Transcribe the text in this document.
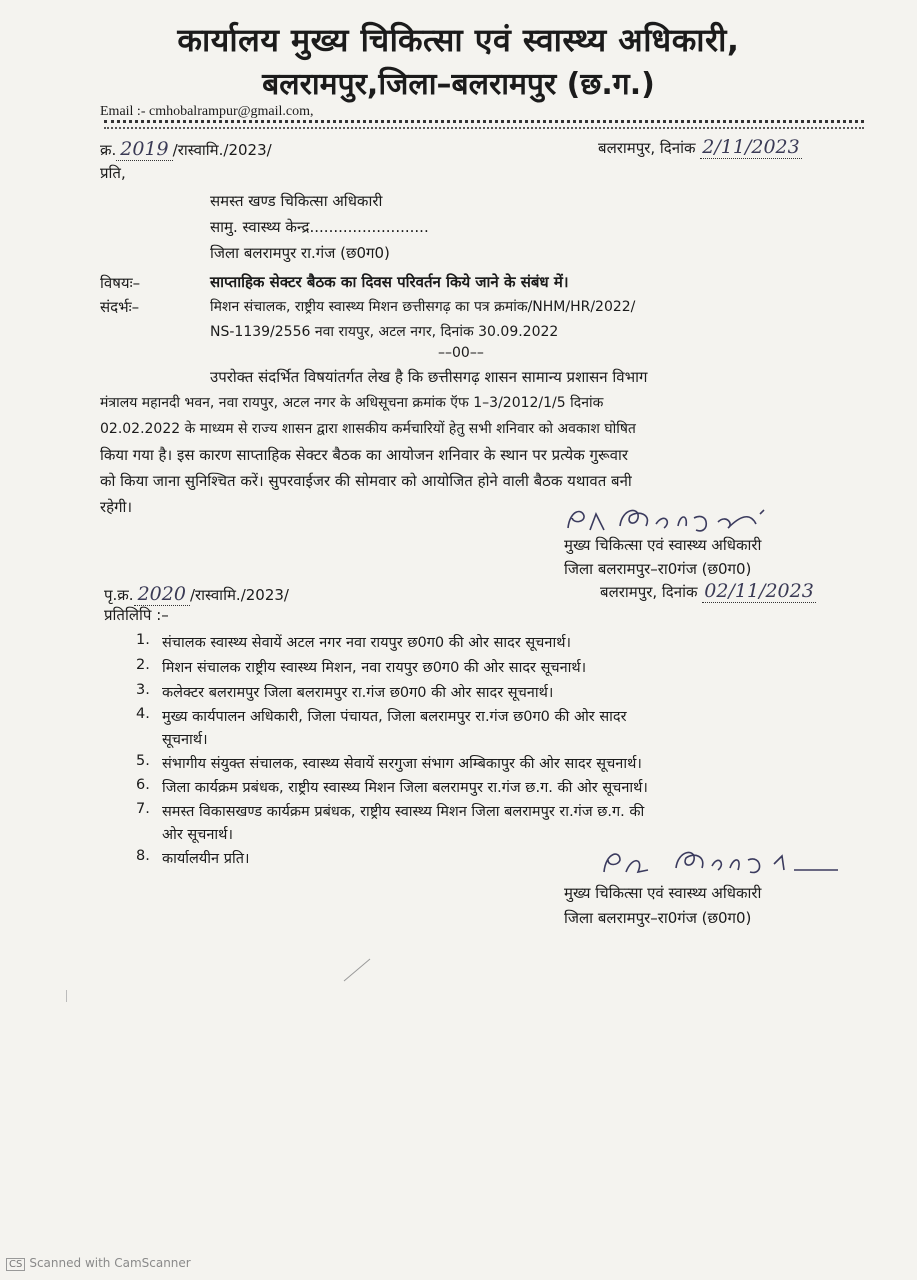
कार्यालय मुख्य चिकित्सा एवं स्वास्थ्य अधिकारी,
बलरामपुर,जिला–बलरामपुर (छ.ग.)
Email :- cmhobalrampur@gmail.com,
क्र. 2019 /रास्वामि./2023/	बलरामपुर, दिनांक 2/11/2023
प्रति,
समस्त खण्ड चिकित्सा अधिकारी
सामु. स्वास्थ्य केन्द्र.........................
जिला बलरामपुर रा.गंज (छ0ग0)
विषयः–	साप्ताहिक सेक्टर बैठक का दिवस परिवर्तन किये जाने के संबंध में।
संदर्भः–	मिशन संचालक, राष्ट्रीय स्वास्थ्य मिशन छत्तीसगढ़ का पत्र क्रमांक/NHM/HR/2022/
NS-1139/2556 नवा रायपुर, अटल नगर, दिनांक 30.09.2022
––00––
उपरोक्त संदर्भित विषयांतर्गत लेख है कि छत्तीसगढ़ शासन सामान्य प्रशासन विभाग
मंत्रालय महानदी भवन, नवा रायपुर, अटल नगर के अधिसूचना क्रमांक ऍफ 1–3/2012/1/5 दिनांक
02.02.2022 के माध्यम से राज्य शासन द्वारा शासकीय कर्मचारियों हेतु सभी शनिवार को अवकाश घोषित
किया गया है। इस कारण साप्ताहिक सेक्टर बैठक का आयोजन शनिवार के स्थान पर प्रत्येक गुरूवार
को किया जाना सुनिश्चित करें। सुपरवाईजर की सोमवार को आयोजित होने वाली बैठक यथावत बनी
रहेगी।
मुख्य चिकित्सा एवं स्वास्थ्य अधिकारी
जिला बलरामपुर–रा0गंज (छ0ग0)
पृ.क्र. 2020 /रास्वामि./2023/	बलरामपुर, दिनांक 02/11/2023
प्रतिलिपि :–
1. संचालक स्वास्थ्य सेवायें अटल नगर नवा रायपुर छ0ग0 की ओर सादर सूचनार्थ।
2. मिशन संचालक राष्ट्रीय स्वास्थ्य मिशन, नवा रायपुर छ0ग0 की ओर सादर सूचनार्थ।
3. कलेक्टर बलरामपुर जिला बलरामपुर रा.गंज छ0ग0 की ओर सादर सूचनार्थ।
4. मुख्य कार्यपालन अधिकारी, जिला पंचायत, जिला बलरामपुर रा.गंज छ0ग0 की ओर सादर
सूचनार्थ।
5. संभागीय संयुक्त संचालक, स्वास्थ्य सेवायें सरगुजा संभाग अम्बिकापुर की ओर सादर सूचनार्थ।
6. जिला कार्यक्रम प्रबंधक, राष्ट्रीय स्वास्थ्य मिशन जिला बलरामपुर रा.गंज छ.ग. की ओर सूचनार्थ।
7. समस्त विकासखण्ड कार्यक्रम प्रबंधक, राष्ट्रीय स्वास्थ्य मिशन जिला बलरामपुर रा.गंज छ.ग. की
ओर सूचनार्थ।
8. कार्यालयीन प्रति।
मुख्य चिकित्सा एवं स्वास्थ्य अधिकारी
जिला बलरामपुर–रा0गंज (छ0ग0)
CS Scanned with CamScanner
